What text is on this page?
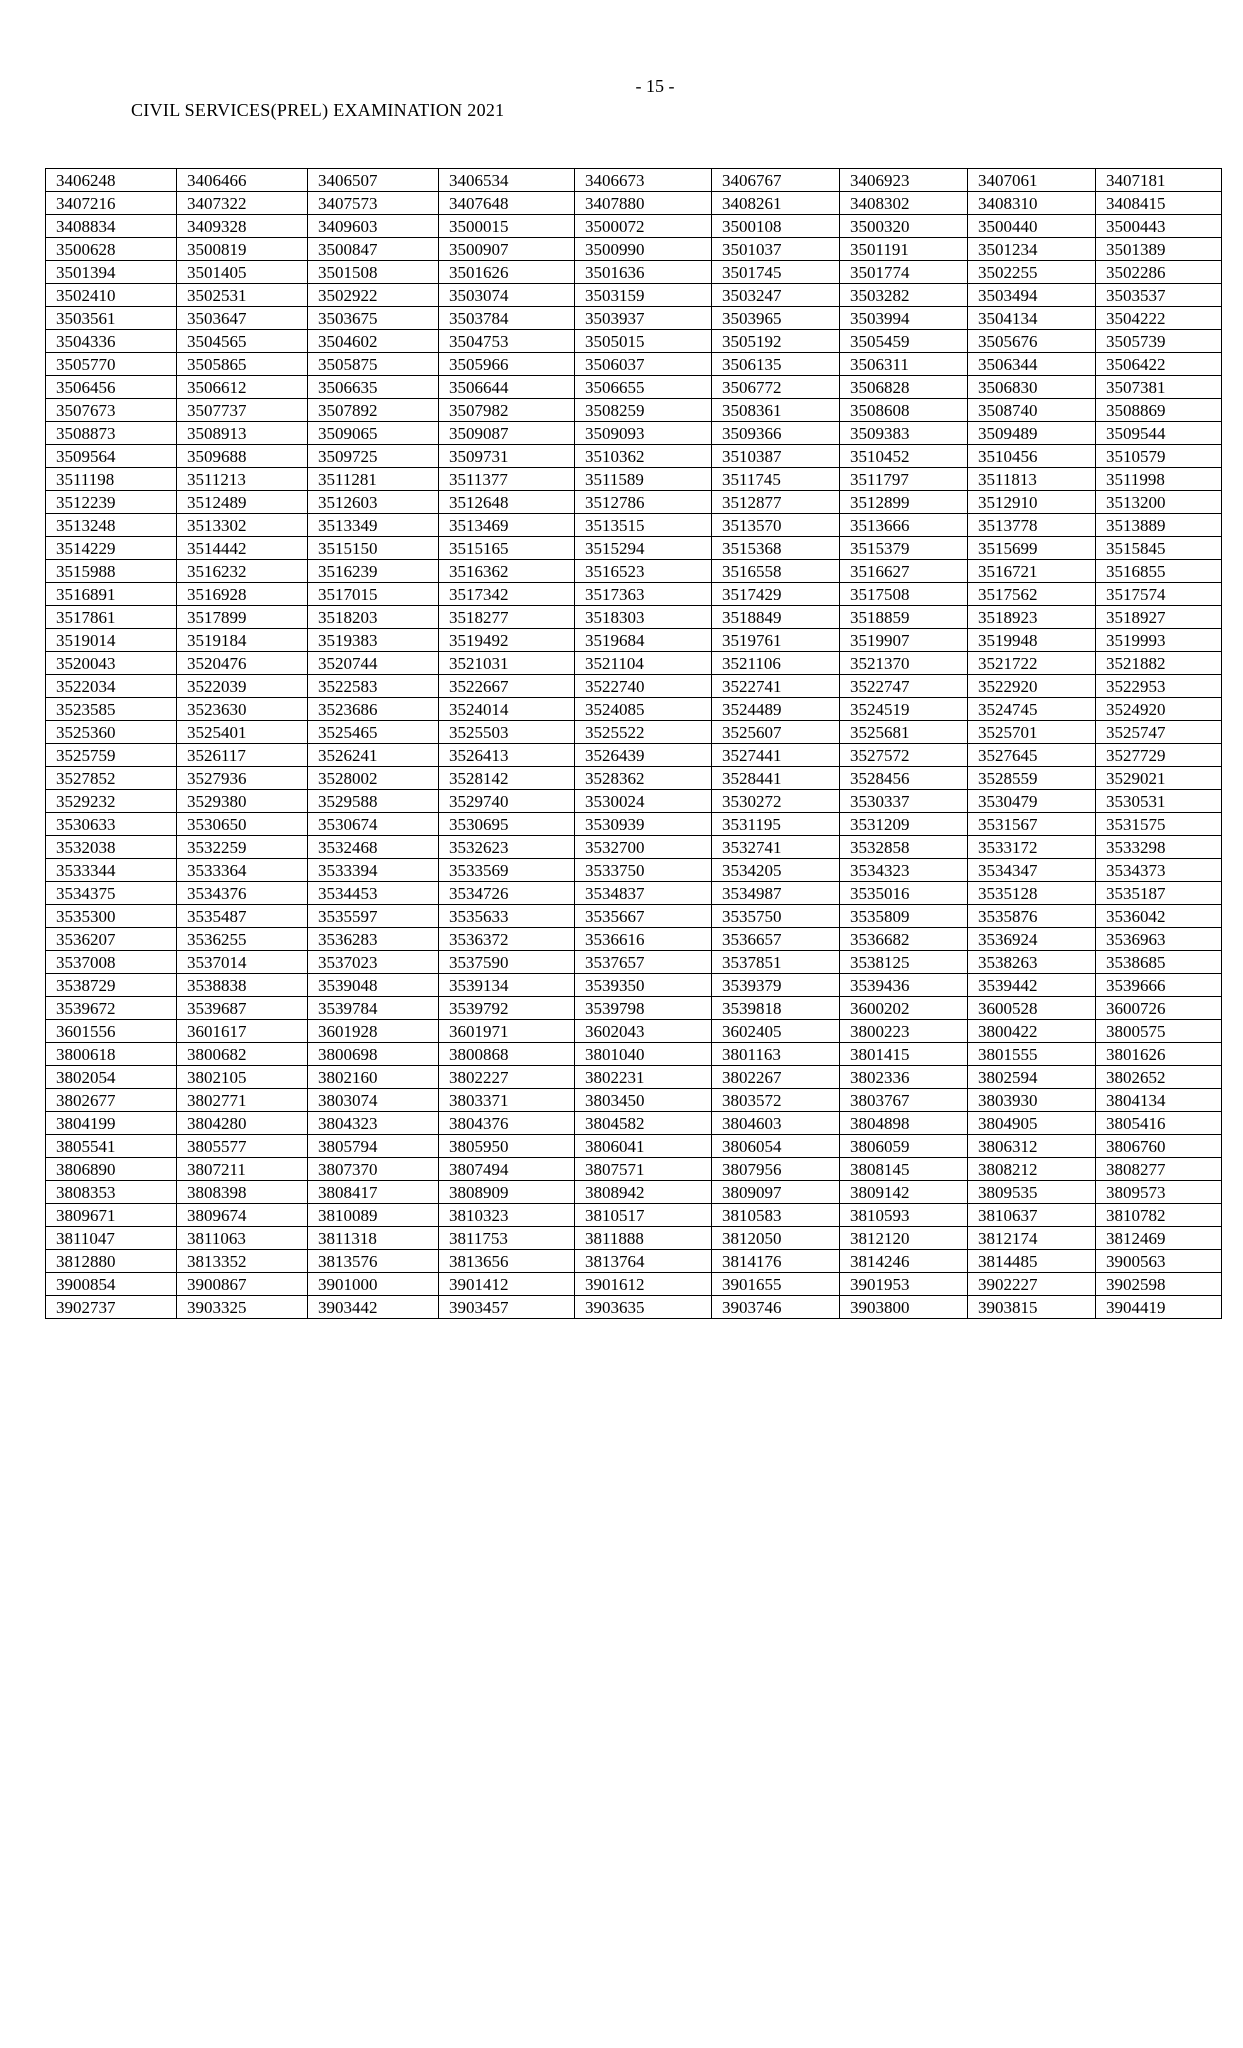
- 15 -
CIVIL SERVICES(PREL) EXAMINATION 2021
3406248	3406466	3406507	3406534	3406673	3406767	3406923	3407061	3407181
3407216	3407322	3407573	3407648	3407880	3408261	3408302	3408310	3408415
3408834	3409328	3409603	3500015	3500072	3500108	3500320	3500440	3500443
3500628	3500819	3500847	3500907	3500990	3501037	3501191	3501234	3501389
3501394	3501405	3501508	3501626	3501636	3501745	3501774	3502255	3502286
3502410	3502531	3502922	3503074	3503159	3503247	3503282	3503494	3503537
3503561	3503647	3503675	3503784	3503937	3503965	3503994	3504134	3504222
3504336	3504565	3504602	3504753	3505015	3505192	3505459	3505676	3505739
3505770	3505865	3505875	3505966	3506037	3506135	3506311	3506344	3506422
3506456	3506612	3506635	3506644	3506655	3506772	3506828	3506830	3507381
3507673	3507737	3507892	3507982	3508259	3508361	3508608	3508740	3508869
3508873	3508913	3509065	3509087	3509093	3509366	3509383	3509489	3509544
3509564	3509688	3509725	3509731	3510362	3510387	3510452	3510456	3510579
3511198	3511213	3511281	3511377	3511589	3511745	3511797	3511813	3511998
3512239	3512489	3512603	3512648	3512786	3512877	3512899	3512910	3513200
3513248	3513302	3513349	3513469	3513515	3513570	3513666	3513778	3513889
3514229	3514442	3515150	3515165	3515294	3515368	3515379	3515699	3515845
3515988	3516232	3516239	3516362	3516523	3516558	3516627	3516721	3516855
3516891	3516928	3517015	3517342	3517363	3517429	3517508	3517562	3517574
3517861	3517899	3518203	3518277	3518303	3518849	3518859	3518923	3518927
3519014	3519184	3519383	3519492	3519684	3519761	3519907	3519948	3519993
3520043	3520476	3520744	3521031	3521104	3521106	3521370	3521722	3521882
3522034	3522039	3522583	3522667	3522740	3522741	3522747	3522920	3522953
3523585	3523630	3523686	3524014	3524085	3524489	3524519	3524745	3524920
3525360	3525401	3525465	3525503	3525522	3525607	3525681	3525701	3525747
3525759	3526117	3526241	3526413	3526439	3527441	3527572	3527645	3527729
3527852	3527936	3528002	3528142	3528362	3528441	3528456	3528559	3529021
3529232	3529380	3529588	3529740	3530024	3530272	3530337	3530479	3530531
3530633	3530650	3530674	3530695	3530939	3531195	3531209	3531567	3531575
3532038	3532259	3532468	3532623	3532700	3532741	3532858	3533172	3533298
3533344	3533364	3533394	3533569	3533750	3534205	3534323	3534347	3534373
3534375	3534376	3534453	3534726	3534837	3534987	3535016	3535128	3535187
3535300	3535487	3535597	3535633	3535667	3535750	3535809	3535876	3536042
3536207	3536255	3536283	3536372	3536616	3536657	3536682	3536924	3536963
3537008	3537014	3537023	3537590	3537657	3537851	3538125	3538263	3538685
3538729	3538838	3539048	3539134	3539350	3539379	3539436	3539442	3539666
3539672	3539687	3539784	3539792	3539798	3539818	3600202	3600528	3600726
3601556	3601617	3601928	3601971	3602043	3602405	3800223	3800422	3800575
3800618	3800682	3800698	3800868	3801040	3801163	3801415	3801555	3801626
3802054	3802105	3802160	3802227	3802231	3802267	3802336	3802594	3802652
3802677	3802771	3803074	3803371	3803450	3803572	3803767	3803930	3804134
3804199	3804280	3804323	3804376	3804582	3804603	3804898	3804905	3805416
3805541	3805577	3805794	3805950	3806041	3806054	3806059	3806312	3806760
3806890	3807211	3807370	3807494	3807571	3807956	3808145	3808212	3808277
3808353	3808398	3808417	3808909	3808942	3809097	3809142	3809535	3809573
3809671	3809674	3810089	3810323	3810517	3810583	3810593	3810637	3810782
3811047	3811063	3811318	3811753	3811888	3812050	3812120	3812174	3812469
3812880	3813352	3813576	3813656	3813764	3814176	3814246	3814485	3900563
3900854	3900867	3901000	3901412	3901612	3901655	3901953	3902227	3902598
3902737	3903325	3903442	3903457	3903635	3903746	3903800	3903815	3904419
